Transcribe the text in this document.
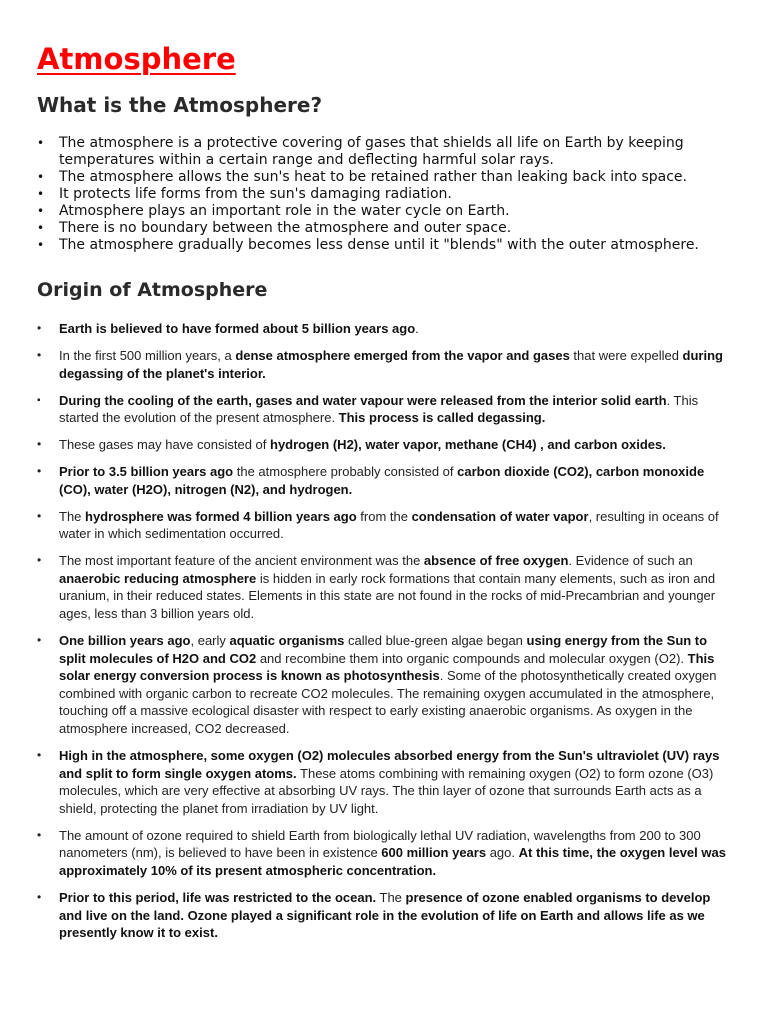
Atmosphere
What is the Atmosphere?
• The atmosphere is a protective covering of gases that shields all life on Earth by keeping temperatures within a certain range and deflecting harmful solar rays.
• The atmosphere allows the sun's heat to be retained rather than leaking back into space.
• It protects life forms from the sun's damaging radiation.
• Atmosphere plays an important role in the water cycle on Earth.
• There is no boundary between the atmosphere and outer space.
• The atmosphere gradually becomes less dense until it "blends" with the outer atmosphere.
Origin of Atmosphere
• Earth is believed to have formed about 5 billion years ago.
• In the first 500 million years, a dense atmosphere emerged from the vapor and gases that were expelled during degassing of the planet's interior.
▪ During the cooling of the earth, gases and water vapour were released from the interior solid earth. This started the evolution of the present atmosphere. This process is called degassing.
• These gases may have consisted of hydrogen (H2), water vapor, methane (CH4) , and carbon oxides.
• Prior to 3.5 billion years ago the atmosphere probably consisted of carbon dioxide (CO2), carbon monoxide (CO), water (H2O), nitrogen (N2), and hydrogen.
• The hydrosphere was formed 4 billion years ago from the condensation of water vapor, resulting in oceans of water in which sedimentation occurred.
• The most important feature of the ancient environment was the absence of free oxygen. Evidence of such an anaerobic reducing atmosphere is hidden in early rock formations that contain many elements, such as iron and uranium, in their reduced states. Elements in this state are not found in the rocks of mid-Precambrian and younger ages, less than 3 billion years old.
• One billion years ago, early aquatic organisms called blue-green algae began using energy from the Sun to split molecules of H2O and CO2 and recombine them into organic compounds and molecular oxygen (O2). This solar energy conversion process is known as photosynthesis. Some of the photosynthetically created oxygen combined with organic carbon to recreate CO2 molecules. The remaining oxygen accumulated in the atmosphere, touching off a massive ecological disaster with respect to early existing anaerobic organisms. As oxygen in the atmosphere increased, CO2 decreased.
• High in the atmosphere, some oxygen (O2) molecules absorbed energy from the Sun's ultraviolet (UV) rays and split to form single oxygen atoms. These atoms combining with remaining oxygen (O2) to form ozone (O3) molecules, which are very effective at absorbing UV rays. The thin layer of ozone that surrounds Earth acts as a shield, protecting the planet from irradiation by UV light.
• The amount of ozone required to shield Earth from biologically lethal UV radiation, wavelengths from 200 to 300 nanometers (nm), is believed to have been in existence 600 million years ago. At this time, the oxygen level was approximately 10% of its present atmospheric concentration.
• Prior to this period, life was restricted to the ocean. The presence of ozone enabled organisms to develop and live on the land. Ozone played a significant role in the evolution of life on Earth and allows life as we presently know it to exist.
